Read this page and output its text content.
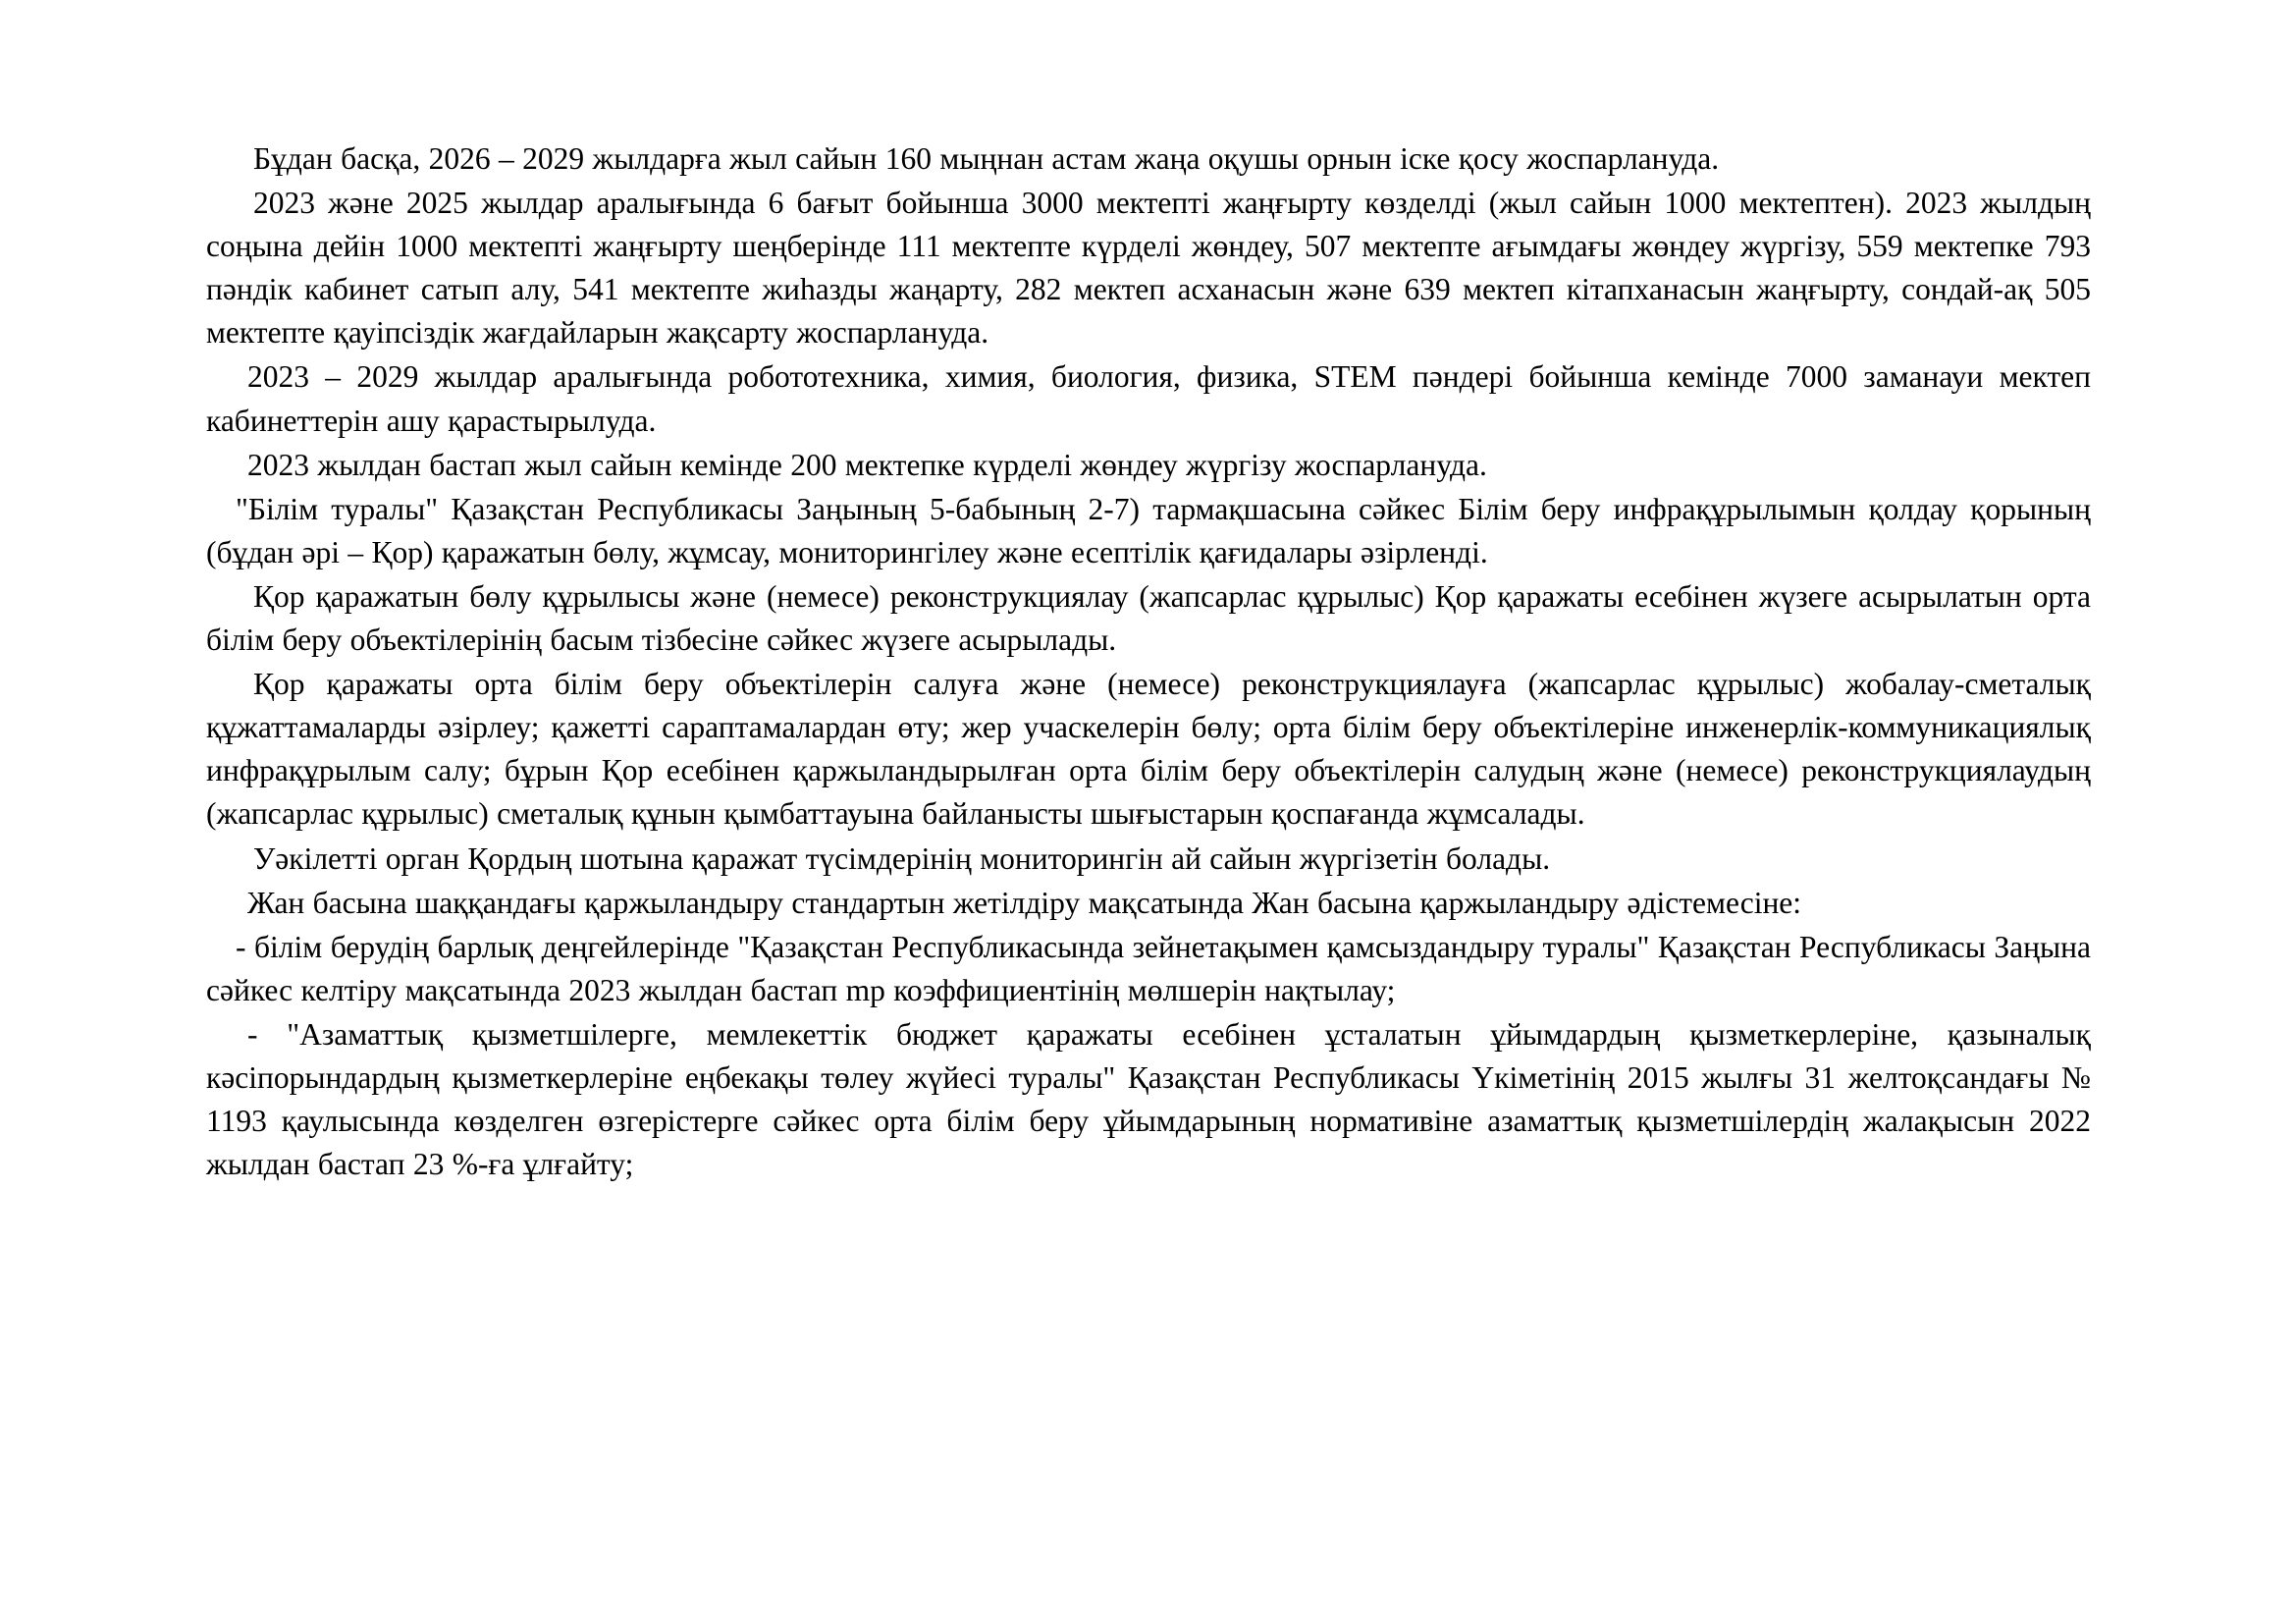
Бұдан басқа, 2026 – 2029 жылдарға жыл сайын 160 мыңнан астам жаңа оқушы орнын іске қосу жоспарлануда.

2023 және 2025 жылдар аралығында 6 бағыт бойынша 3000 мектепті жаңғырту көзделді (жыл сайын 1000 мектептен). 2023 жылдың соңына дейін 1000 мектепті жаңғырту шеңберінде 111 мектепте күрделі жөндеу, 507 мектепте ағымдағы жөндеу жүргізу, 559 мектепке 793 пәндік кабинет сатып алу, 541 мектепте жиһазды жаңарту, 282 мектеп асханасын және 639 мектеп кітапханасын жаңғырту, сондай-ақ 505 мектепте қауіпсіздік жағдайларын жақсарту жоспарлануда.

2023 – 2029 жылдар аралығында робототехника, химия, биология, физика, STEM пәндері бойынша кемінде 7000 заманауи мектеп кабинеттерін ашу қарастырылуда.

2023 жылдан бастап жыл сайын кемінде 200 мектепке күрделі жөндеу жүргізу жоспарлануда.

"Білім туралы" Қазақстан Республикасы Заңының 5-бабының 2-7) тармақшасына сәйкес Білім беру инфрақұрылымын қолдау қорының (бұдан әрі – Қор) қаражатын бөлу, жұмсау, мониторингілеу және есептілік қағидалары әзірленді.

Қор қаражатын бөлу құрылысы және (немесе) реконструкциялау (жапсарлас құрылыс) Қор қаражаты есебінен жүзеге асырылатын орта білім беру объектілерінің басым тізбесіне сәйкес жүзеге асырылады.

Қор қаражаты орта білім беру объектілерін салуға және (немесе) реконструкциялауға (жапсарлас құрылыс) жобалау-сметалық құжаттамаларды әзірлеу; қажетті сараптамалардан өту; жер учаскелерін бөлу; орта білім беру объектілеріне инженерлік-коммуникациялық инфрақұрылым салу; бұрын Қор есебінен қаржыландырылған орта білім беру объектілерін салудың және (немесе) реконструкциялаудың (жапсарлас құрылыс) сметалық құнын қымбаттауына байланысты шығыстарын қоспағанда жұмсалады.

Уәкілетті орган Қордың шотына қаражат түсімдерінің мониторингін ай сайын жүргізетін болады.

Жан басына шаққандағы қаржыландыру стандартын жетілдіру мақсатында Жан басына қаржыландыру әдістемесіне:

- білім берудің барлық деңгейлерінде "Қазақстан Республикасында зейнетақымен қамсыздандыру туралы" Қазақстан Республикасы Заңына сәйкес келтіру мақсатында 2023 жылдан бастап mр коэффициентінің мөлшерін нақтылау;

- "Азаматтық қызметшілерге, мемлекеттік бюджет қаражаты есебінен ұсталатын ұйымдардың қызметкерлеріне, қазыналық кәсіпорындардың қызметкерлеріне еңбекақы төлеу жүйесі туралы" Қазақстан Республикасы Үкіметінің 2015 жылғы 31 желтоқсандағы № 1193 қаулысында көзделген өзгерістерге сәйкес орта білім беру ұйымдарының нормативіне азаматтық қызметшілердің жалақысын 2022 жылдан бастап 23 %-ға ұлғайту;
